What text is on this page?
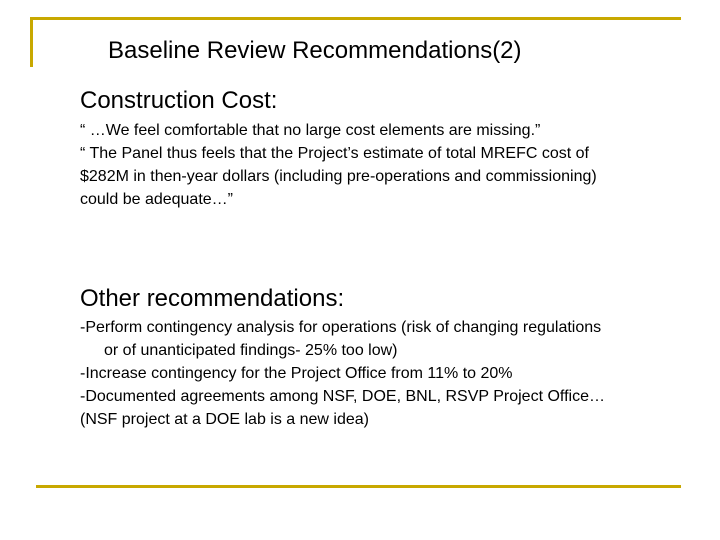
Baseline Review Recommendations(2)
Construction Cost:
“ …We feel comfortable that no large cost elements are missing.”
“ The Panel thus feels that the Project’s estimate of total MREFC cost of
$282M in then-year dollars (including pre-operations and commissioning)
could be adequate…”
Other recommendations:
-Perform contingency analysis for operations (risk of changing regulations
or of unanticipated findings- 25% too low)
-Increase contingency for the Project Office from 11% to 20%
-Documented agreements among NSF, DOE, BNL, RSVP Project Office…
(NSF project at a DOE lab is a new idea)
